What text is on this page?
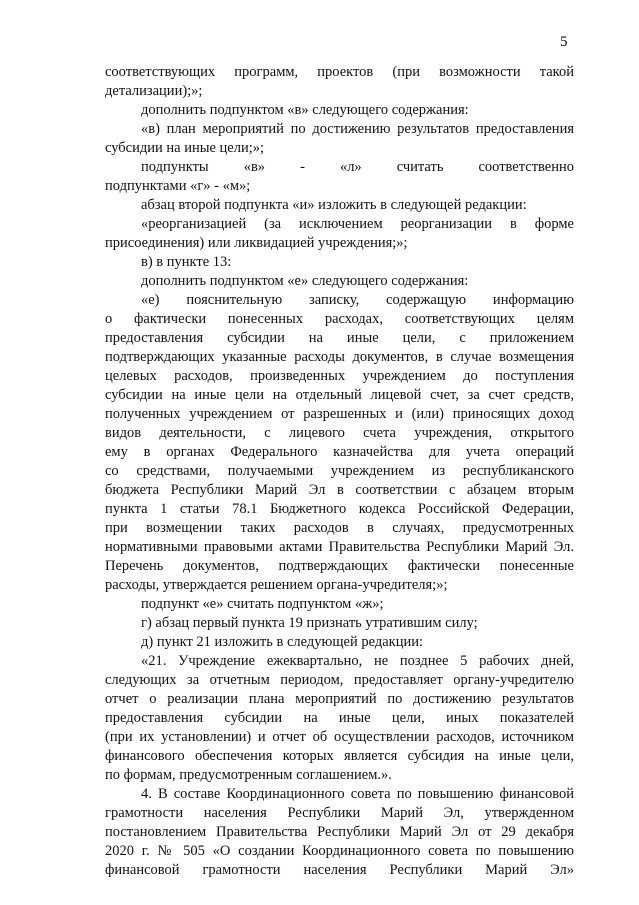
5
соответствующих программ, проектов (при возможности такой
детализации);»;
дополнить подпунктом «в» следующего содержания:
«в) план мероприятий по достижению результатов предоставления
субсидии на иные цели;»;
подпункты «в» - «л» считать соответственно
подпунктами «г» - «м»;
абзац второй подпункта «и» изложить в следующей редакции:
«реорганизацией (за исключением реорганизации в форме
присоединения) или ликвидацией учреждения;»;
в) в пункте 13:
дополнить подпунктом «е» следующего содержания:
«е) пояснительную записку, содержащую информацию
о фактически понесенных расходах, соответствующих целям
предоставления субсидии на иные цели, с приложением
подтверждающих указанные расходы документов, в случае возмещения
целевых расходов, произведенных учреждением до поступления
субсидии на иные цели на отдельный лицевой счет, за счет средств,
полученных учреждением от разрешенных и (или) приносящих доход
видов деятельности, с лицевого счета учреждения, открытого
ему в органах Федерального казначейства для учета операций
со средствами, получаемыми учреждением из республиканского
бюджета Республики Марий Эл в соответствии с абзацем вторым
пункта 1 статьи 78.1 Бюджетного кодекса Российской Федерации,
при возмещении таких расходов в случаях, предусмотренных
нормативными правовыми актами Правительства Республики Марий Эл.
Перечень документов, подтверждающих фактически понесенные
расходы, утверждается решением органа-учредителя;»;
подпункт «е» считать подпунктом «ж»;
г) абзац первый пункта 19 признать утратившим силу;
д) пункт 21 изложить в следующей редакции:
«21. Учреждение ежеквартально, не позднее 5 рабочих дней,
следующих за отчетным периодом, предоставляет органу-учредителю
отчет о реализации плана мероприятий по достижению результатов
предоставления субсидии на иные цели, иных показателей
(при их установлении) и отчет об осуществлении расходов, источником
финансового обеспечения которых является субсидия на иные цели,
по формам, предусмотренным соглашением.».
4. В составе Координационного совета по повышению финансовой
грамотности населения Республики Марий Эл, утвержденном
постановлением Правительства Республики Марий Эл от 29 декабря
2020 г. № 505 «О создании Координационного совета по повышению
финансовой грамотности населения Республики Марий Эл»
